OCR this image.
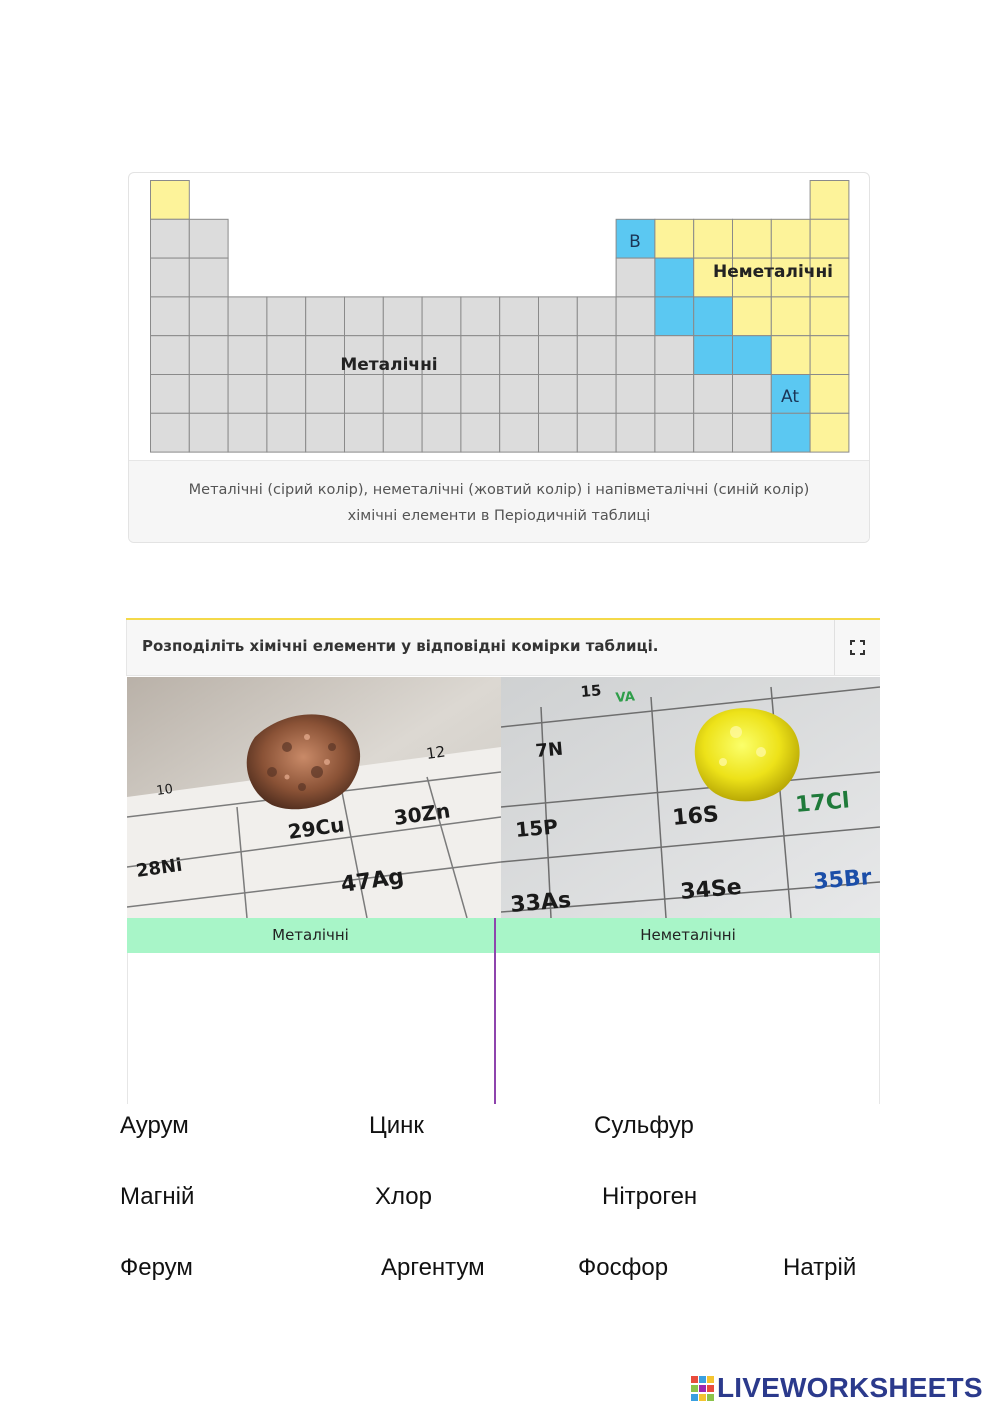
B
At
Неметалічні
Металічні
Металічні (сірий колір), неметалічні (жовтий колір) і напівметалічні (синій колір)
хімічні елементи в Періодичній таблиці
Розподіліть хімічні елементи у відповідні комірки таблиці.
29Cu 30Zn
28Ni	47Ag
12
10
7N
15P	16S	17Cl
33As	34Se	35Br
15 VA
Металічні	Неметалічні
Аурум	Цинк	Сульфур
Магній	Хлор	Нітроген
Ферум	Аргентум	Фосфор	Натрій
LIVEWORKSHEETS
